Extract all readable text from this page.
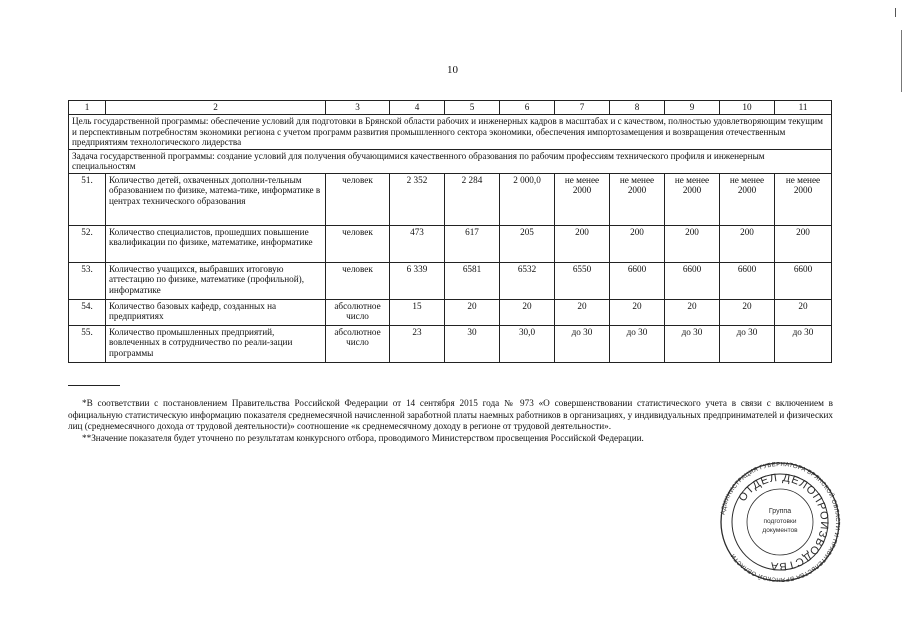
10
1	2	3	4	5	6	7	8	9	10	11
Цель государственной программы: обеспечение условий для подготовки в Брянской области рабочих и инженерных кадров в масштабах и с качеством, полностью удовлетворяющим текущим и перспективным потребностям экономики региона с учетом программ развития промышленного сектора экономики, обеспечения импортозамещения и возвращения отечественным предприятиям технологического лидерства										
Задача государственной программы: создание условий для получения обучающимися качественного образования по рабочим профессиям технического профиля и инженерным специальностям										
51.	Количество детей, охваченных дополни-тельным образованием по физике, матема-тике, информатике в центрах технического образования	человек	2 352	2 284	2 000,0	не менее 2000	не менее 2000	не менее 2000	не менее 2000	не менее 2000
52.	Количество специалистов, прошедших повышение квалификации по физике, математике, информатике	человек	473	617	205	200	200	200	200	200
53.	Количество учащихся, выбравших итоговую аттестацию по физике, математике (профильной), информатике	человек	6 339	6581	6532	6550	6600	6600	6600	6600
54.	Количество базовых кафедр, созданных на предприятиях	абсолютное число	15	20	20	20	20	20	20	20
55.	Количество промышленных предприятий, вовлеченных в сотрудничество по реали-зации программы	абсолютное число	23	30	30,0	до 30	до 30	до 30	до 30	до 30

*В соответствии с постановлением Правительства Российской Федерации от 14 сентября 2015 года № 973 «О совершенствовании статистического учета в связи с включением в официальную статистическую информацию показателя среднемесячной начисленной заработной платы наемных работников в организациях, у индивидуальных предпринимателей и физических лиц (среднемесячного дохода от трудовой деятельности)» соотношение «к среднемесячному доходу в регионе от трудовой деятельности».

**Значение показателя будет уточнено по результатам конкурсного отбора, проводимого Министерством просвещения Российской Федерации.

АДМИНИСТРАЦИЯ ГУБЕРНАТОРА БРЯНСКОЙ ОБЛАСТИ И ПРАВИТЕЛЬСТВА БРЯНСКОЙ ОБЛАСТИ
ОТДЕЛ ДЕЛОПРОИЗВОДСТВА
Группа
подготовки
документов
